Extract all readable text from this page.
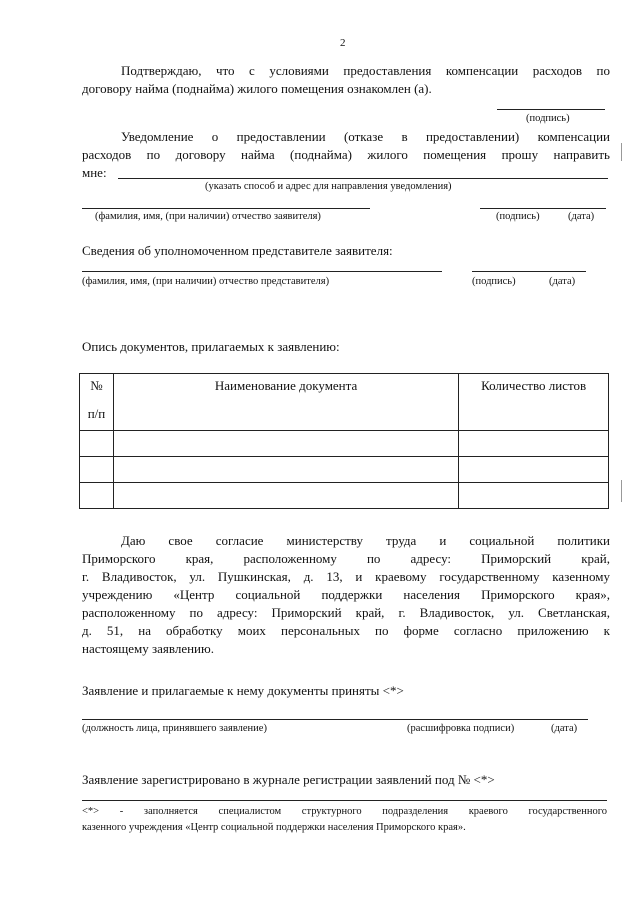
2
Подтверждаю, что с условиями предоставления компенсации расходов по
договору найма (поднайма) жилого помещения ознакомлен (а).
(подпись)
Уведомление о предоставлении (отказе в предоставлении) компенсации
расходов по договору найма (поднайма) жилого помещения прошу направить
мне:
(указать способ и адрес для направления уведомления)
(фамилия, имя, (при наличии) отчество заявителя)	(подпись)	(дата)
Сведения об уполномоченном представителе заявителя:
(фамилия, имя, (при наличии) отчество представителя)	(подпись)	(дата)
Опись документов, прилагаемых к заявлению:
№
п/п	Наименование документа	Количество листов

Даю свое согласие министерству труда и социальной политики
Приморского края, расположенному по адресу: Приморский край,
г. Владивосток, ул. Пушкинская, д. 13, и краевому государственному казенному
учреждению «Центр социальной поддержки населения Приморского края»,
расположенному по адресу: Приморский край, г. Владивосток, ул. Светланская,
д. 51, на обработку моих персональных по форме согласно приложению к
настоящему заявлению.
Заявление и прилагаемые к нему документы приняты <*>
(должность лица, принявшего заявление)	(расшифровка подписи)	(дата)
Заявление зарегистрировано в журнале регистрации заявлений под № <*>
<*> - заполняется специалистом структурного подразделения краевого государственного
казенного учреждения «Центр социальной поддержки населения Приморского края».
